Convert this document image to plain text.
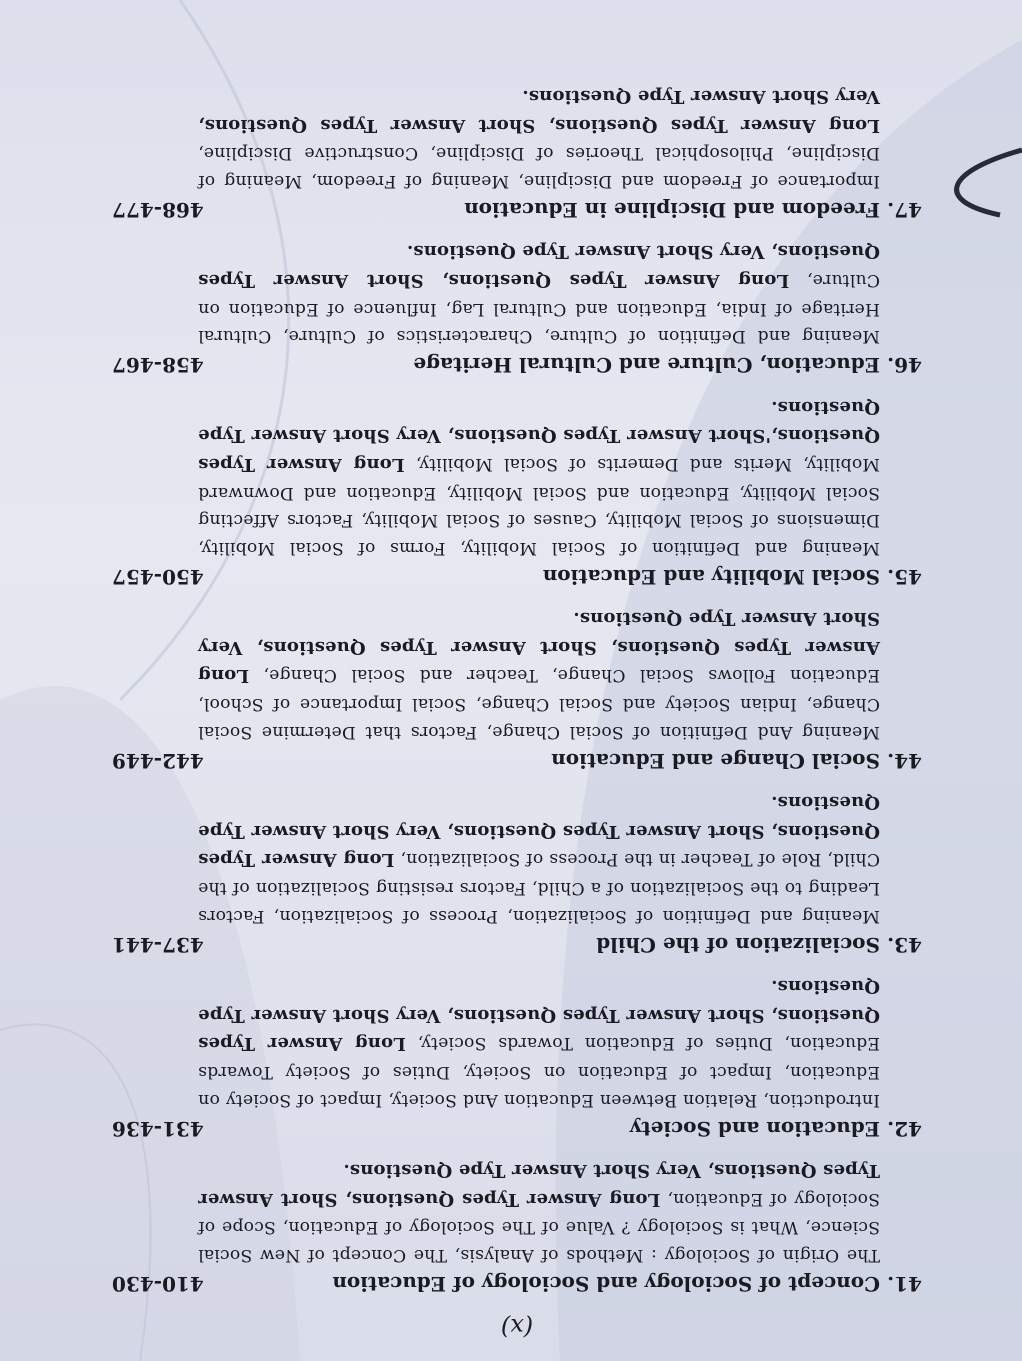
(x)
41.
Concept of Sociology and Sociology of Education
410-430
The Origin of Sociology : Methods of Analysis, The Concept of New Social Science, What is Sociology ? Value of The Sociology of Education, Scope of Sociology of Education, Long Answer Types Questions, Short Answer Types Questions, Very Short Answer Type Questions.
42.
Education and Society
431-436
Introduction, Relation Between Education And Society, Impact of Society on Education, Impact of Education on Society, Duties of Society Towards Education, Duties of Education Towards Society, Long Answer Types Questions, Short Answer Types Questions, Very Short Answer Type Questions.
43.
Socialization of the Child
437-441
Meaning and Definition of Socialization, Process of Socialization, Factors Leading to the Socialization of a Child, Factors resisting Socialization of the Child, Role of Teacher in the Process of Socialization, Long Answer Types Questions, Short Answer Types Questions, Very Short Answer Type Questions.
44.
Social Change and Education
442-449
Meaning And Definition of Social Change, Factors that Determine Social Change, Indian Society and Social Change, Social Importance of School, Education Follows Social Change, Teacher and Social Change, Long Answer Types Questions, Short Answer Types Questions, Very Short Answer Type Questions.
45.
Social Mobility and Education
450-457
Meaning and Definition of Social Mobility, Forms of Social Mobility, Dimensions of Social Mobility, Causes of Social Mobility, Factors Affecting Social Mobility, Education and Social Mobility, Education and Downward Mobility, Merits and Demerits of Social Mobility, Long Answer Types Questions,'Short Answer Types Questions, Very Short Answer Type Questions.
46.
Education, Culture and Cultural Heritage
458-467
Meaning and Definition of Culture, Characteristics of Culture, Cultural Heritage of India, Education and Cultural Lag, Influence of Education on Culture, Long Answer Types Questions, Short Answer Types Questions, Very Short Answer Type Questions.
47.
Freedom and Discipline in Education
468-477
Importance of Freedom and Discipline, Meaning of Freedom, Meaning of Discipline, Philosophical Theories of Discipline, Constructive Discipline, Long Answer Types Questions, Short Answer Types Questions, Very Short Answer Type Questions.
